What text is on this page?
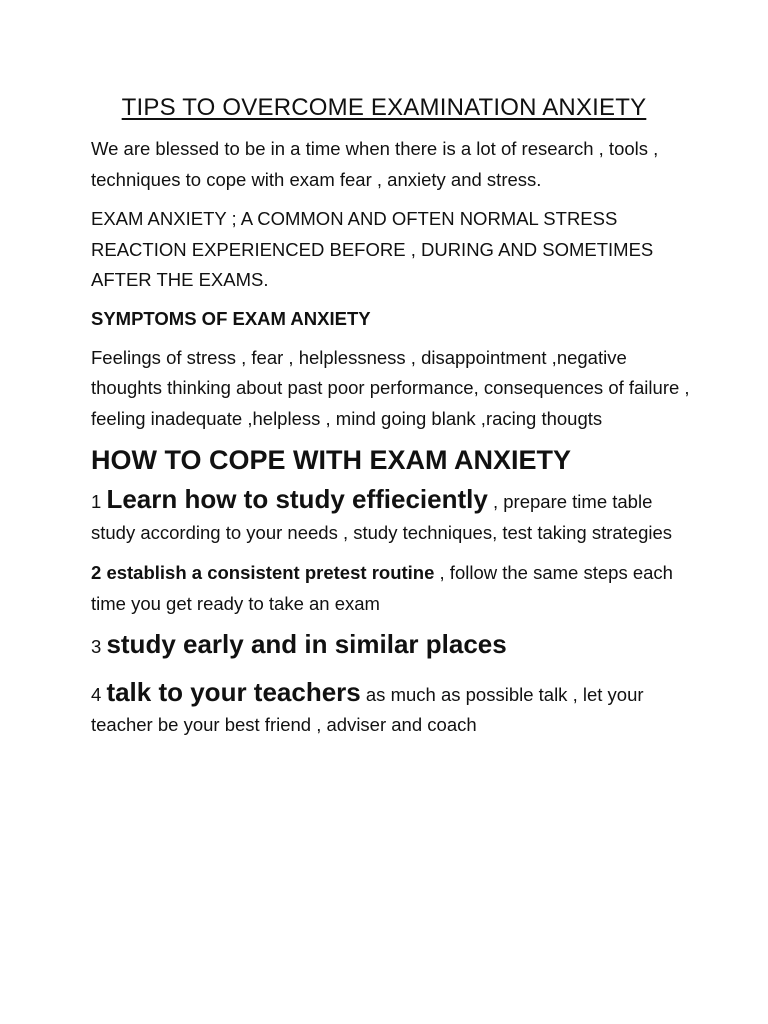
TIPS TO OVERCOME EXAMINATION ANXIETY

We are blessed to be in a time when there is a lot of research , tools , techniques to cope with exam fear , anxiety and stress.

EXAM ANXIETY ; A COMMON AND OFTEN NORMAL STRESS REACTION EXPERIENCED BEFORE , DURING AND SOMETIMES AFTER THE EXAMS.

SYMPTOMS OF EXAM ANXIETY

Feelings of stress , fear , helplessness , disappointment ,negative thoughts thinking about past poor performance, consequences of failure , feeling inadequate ,helpless , mind going blank ,racing thougts

HOW TO COPE WITH EXAM ANXIETY

1 Learn how to study effieciently , prepare time table study according to your needs , study techniques, test taking strategies

2 establish a consistent pretest routine , follow the same steps each time you get ready to take an exam

3 study early and in similar places

4 talk to your teachers as much as possible talk , let your teacher be your best friend , adviser and coach
